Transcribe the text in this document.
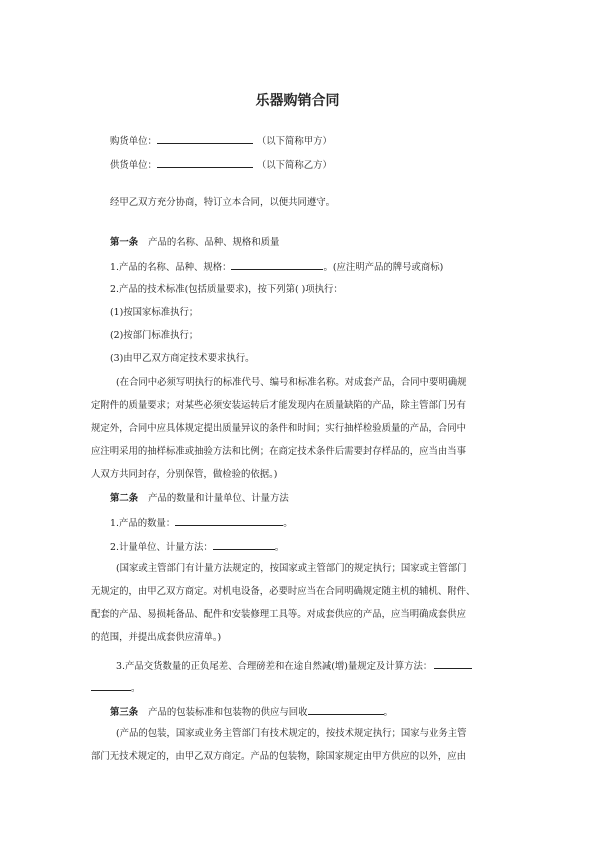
乐器购销合同
购货单位：	（以下简称甲方）
供货单位：	（以下简称乙方）
经甲乙双方充分协商，特订立本合同，以便共同遵守。
第一条 产品的名称、品种、规格和质量
1.产品的名称、品种、规格：	。(应注明产品的牌号或商标)
2.产品的技术标准(包括质量要求)，按下列第( )项执行：
(1)按国家标准执行；
(2)按部门标准执行；
(3)由甲乙双方商定技术要求执行。
(在合同中必须写明执行的标准代号、编号和标准名称。对成套产品，合同中要明确规
定附件的质量要求；对某些必须安装运转后才能发现内在质量缺陷的产品，除主管部门另有
规定外，合同中应具体规定提出质量异议的条件和时间；实行抽样检验质量的产品，合同中
应注明采用的抽样标准或抽验方法和比例；在商定技术条件后需要封存样品的，应当由当事
人双方共同封存，分别保管，做检验的依据。)
第二条 产品的数量和计量单位、计量方法
1.产品的数量：	。
2.计量单位、计量方法：	。
(国家或主管部门有计量方法规定的，按国家或主管部门的规定执行；国家或主管部门
无规定的，由甲乙双方商定。对机电设备，必要时应当在合同明确规定随主机的辅机、附件、
配套的产品、易损耗备品、配件和安装修理工具等。对成套供应的产品，应当明确成套供应
的范围，并提出成套供应清单。)
3.产品交货数量的正负尾差、合理磅差和在途自然减(增)量规定及计算方法：
。
第三条 产品的包装标准和包装物的供应与回收	。
(产品的包装，国家或业务主管部门有技术规定的，按技术规定执行；国家与业务主管
部门无技术规定的，由甲乙双方商定。产品的包装物，除国家规定由甲方供应的以外，应由
